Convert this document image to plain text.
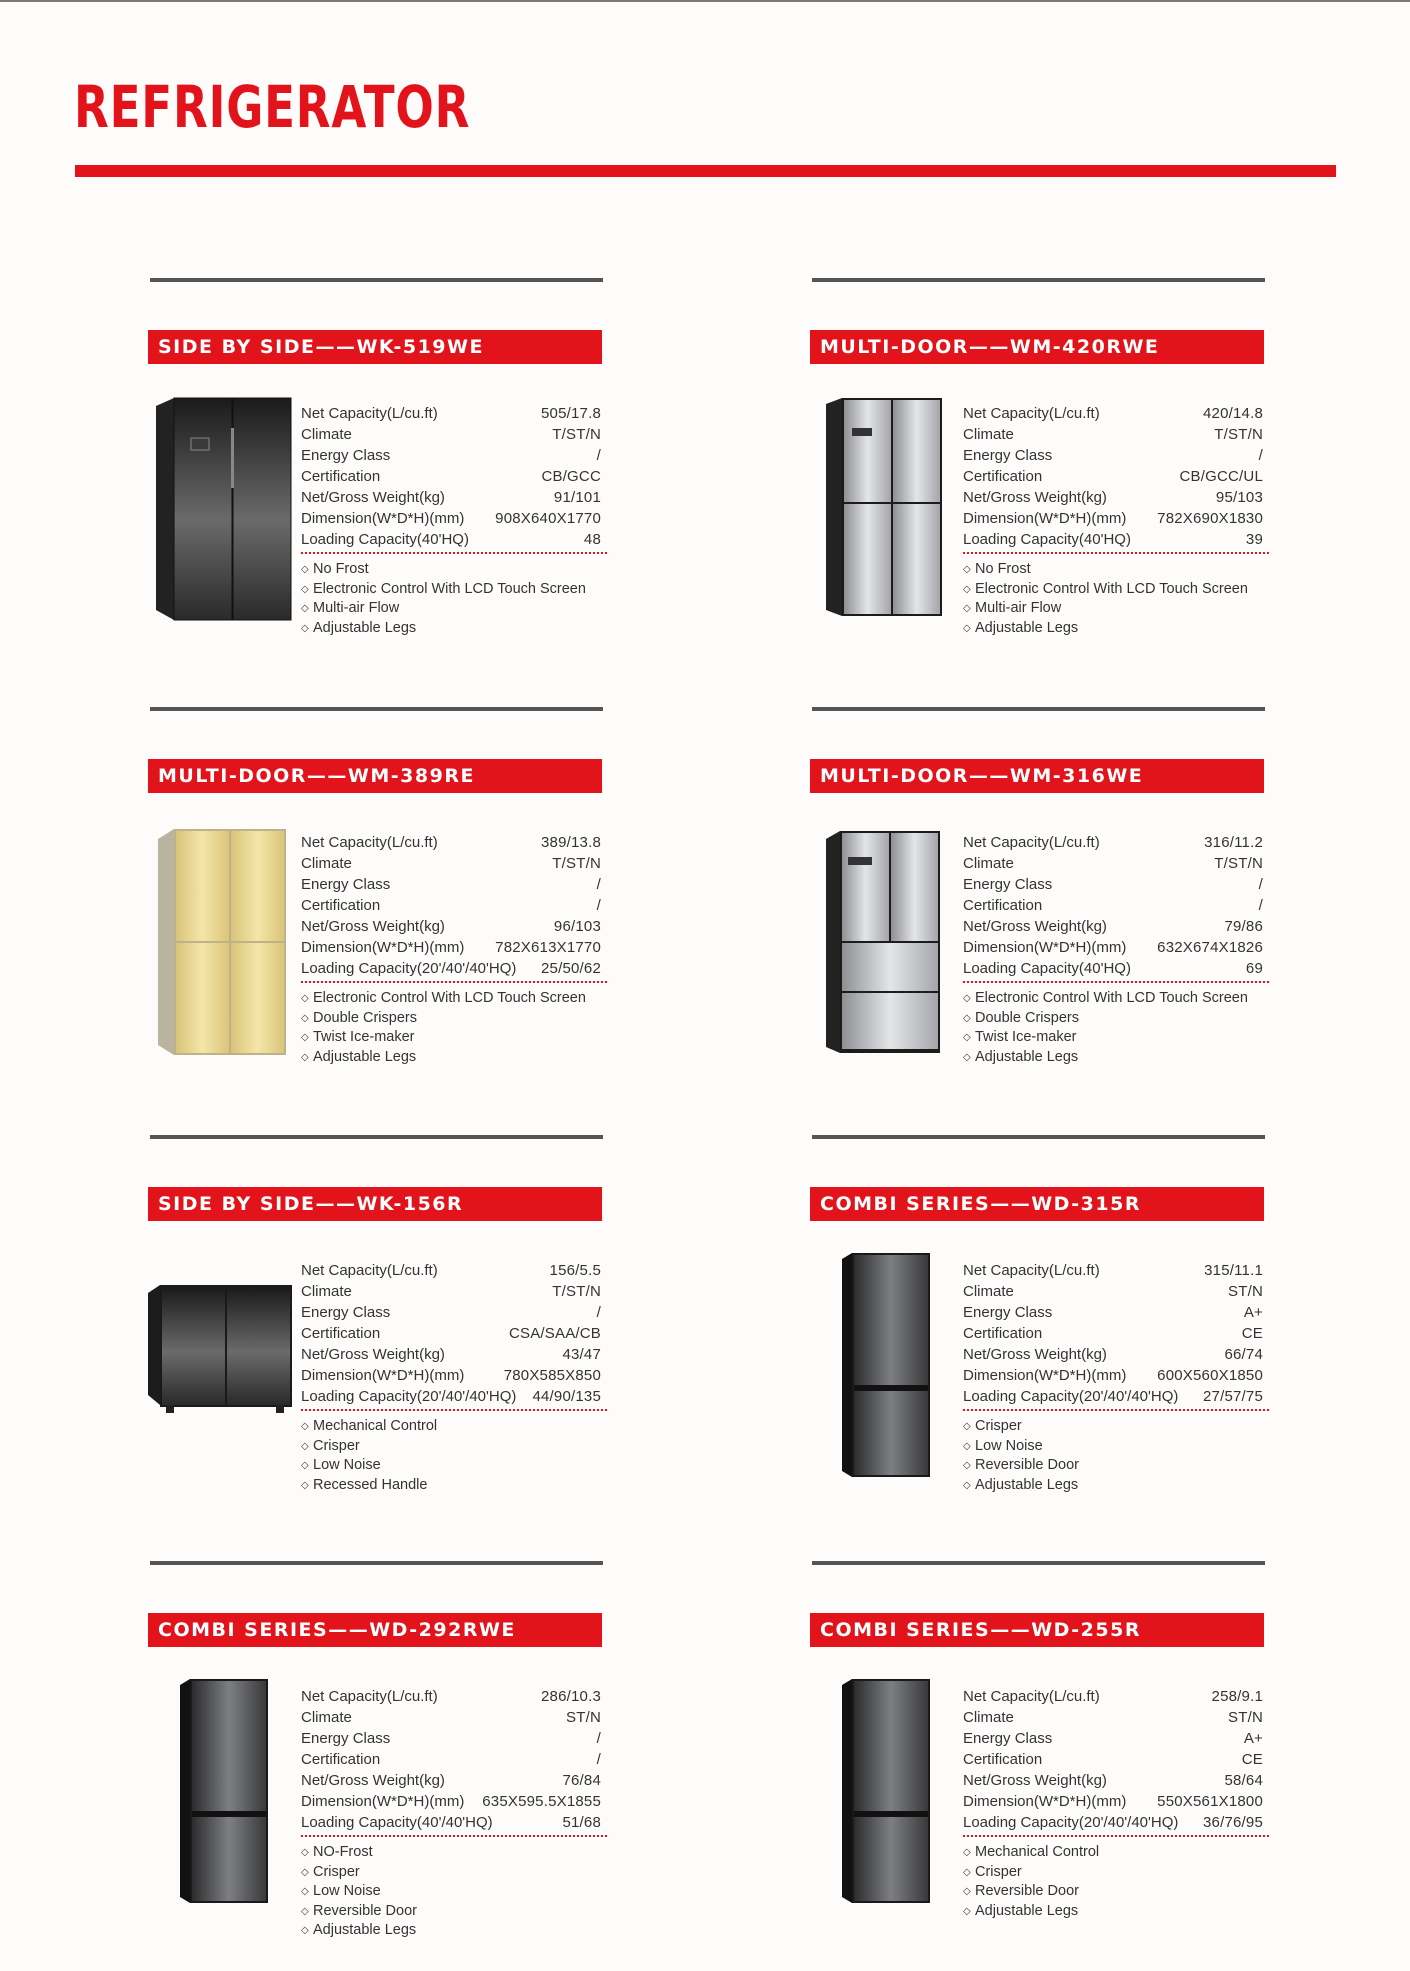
REFRIGERATOR
SIDE BY SIDE——WK-519WE
Net Capacity(L/cu.ft)	505/17.8
Climate	T/ST/N
Energy Class	/
Certification	CB/GCC
Net/Gross Weight(kg)	91/101
Dimension(W*D*H)(mm) 908X640X1770
Loading Capacity(40'HQ)	48
◇ No Frost
◇ Electronic Control With LCD Touch Screen
◇ Multi-air Flow
◇ Adjustable Legs
MULTI-DOOR——WM-420RWE
Net Capacity(L/cu.ft)	420/14.8
Climate	T/ST/N
Energy Class	/
Certification	CB/GCC/UL
Net/Gross Weight(kg)	95/103
Dimension(W*D*H)(mm) 782X690X1830
Loading Capacity(40'HQ)	39
◇ No Frost
◇ Electronic Control With LCD Touch Screen
◇ Multi-air Flow
◇ Adjustable Legs
MULTI-DOOR——WM-389RE
Net Capacity(L/cu.ft)	389/13.8
Climate	T/ST/N
Energy Class	/
Certification	/
Net/Gross Weight(kg)	96/103
Dimension(W*D*H)(mm) 782X613X1770
Loading Capacity(20'/40'/40'HQ) 25/50/62
◇ Electronic Control With LCD Touch Screen
◇ Double Crispers
◇ Twist Ice-maker
◇ Adjustable Legs
MULTI-DOOR——WM-316WE
Net Capacity(L/cu.ft)	316/11.2
Climate	T/ST/N
Energy Class	/
Certification	/
Net/Gross Weight(kg)	79/86
Dimension(W*D*H)(mm) 632X674X1826
Loading Capacity(40'HQ)	69
◇ Electronic Control With LCD Touch Screen
◇ Double Crispers
◇ Twist Ice-maker
◇ Adjustable Legs
SIDE BY SIDE——WK-156R
Net Capacity(L/cu.ft)	156/5.5
Climate	T/ST/N
Energy Class	/
Certification	CSA/SAA/CB
Net/Gross Weight(kg)	43/47
Dimension(W*D*H)(mm)	780X585X850
Loading Capacity(20'/40'/40'HQ) 44/90/135
◇ Mechanical Control
◇ Crisper
◇ Low Noise
◇ Recessed Handle
COMBI SERIES——WD-315R
Net Capacity(L/cu.ft)	315/11.1
Climate	ST/N
Energy Class	A+
Certification	CE
Net/Gross Weight(kg)	66/74
Dimension(W*D*H)(mm) 600X560X1850
Loading Capacity(20'/40'/40'HQ) 27/57/75
◇ Crisper
◇ Low Noise
◇ Reversible Door
◇ Adjustable Legs
COMBI SERIES——WD-292RWE
Net Capacity(L/cu.ft)	286/10.3
Climate	ST/N
Energy Class	/
Certification	/
Net/Gross Weight(kg)	76/84
Dimension(W*D*H)(mm) 635X595.5X1855
Loading Capacity(40'/40'HQ)	51/68
◇ NO-Frost
◇ Crisper
◇ Low Noise
◇ Reversible Door
◇ Adjustable Legs
COMBI SERIES——WD-255R
Net Capacity(L/cu.ft)	258/9.1
Climate	ST/N
Energy Class	A+
Certification	CE
Net/Gross Weight(kg)	58/64
Dimension(W*D*H)(mm) 550X561X1800
Loading Capacity(20'/40'/40'HQ) 36/76/95
◇ Mechanical Control
◇ Crisper
◇ Reversible Door
◇ Adjustable Legs
